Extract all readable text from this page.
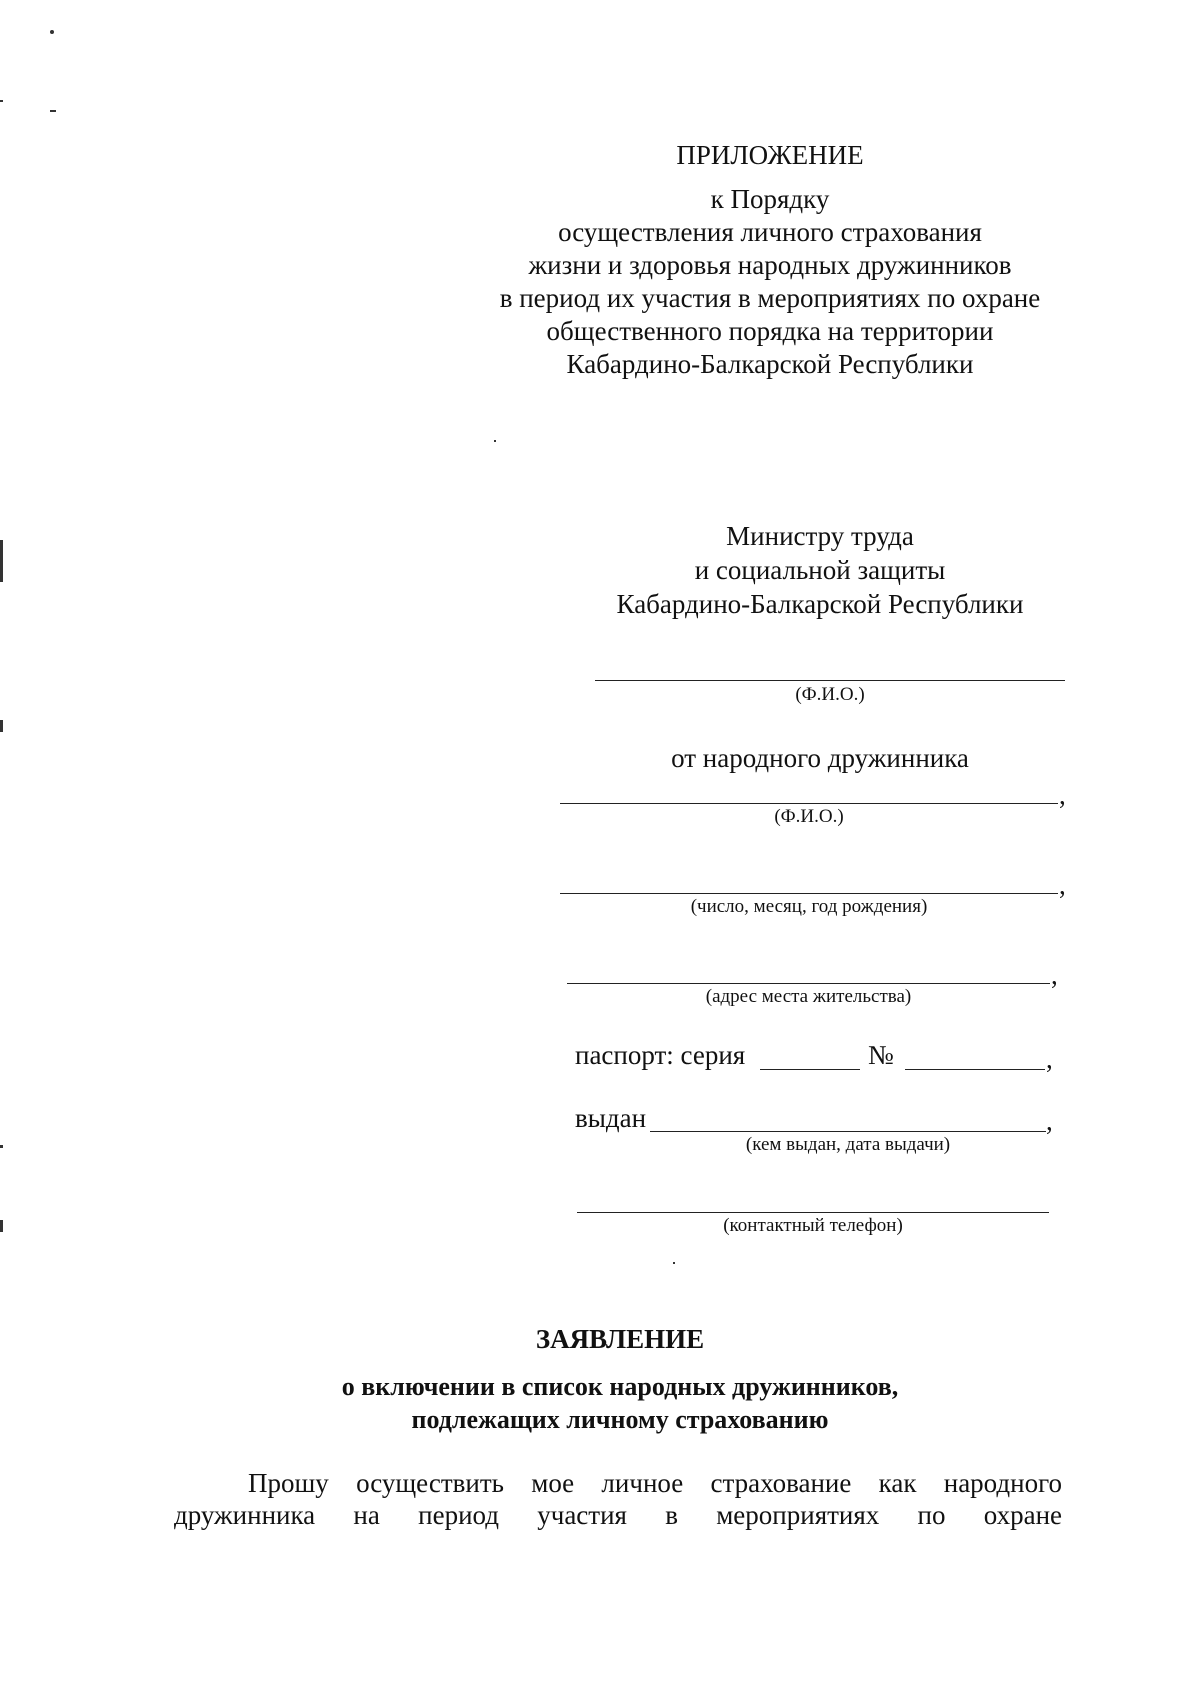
ПРИЛОЖЕНИЕ
к Порядку
осуществления личного страхования
жизни и здоровья народных дружинников
в период их участия в мероприятиях по охране
общественного порядка на территории
Кабардино-Балкарской Республики
Министру труда
и социальной защиты
Кабардино-Балкарской Республики
(Ф.И.О.)
от народного дружинника
,
(Ф.И.О.)
,
(число, месяц, год рождения)
,
(адрес места жительства)
паспорт: серия	№	,
выдан	,
(кем выдан, дата выдачи)
(контактный телефон)
ЗАЯВЛЕНИЕ
о включении в список народных дружинников,
подлежащих личному страхованию
Прошу осуществить мое личное страхование как народного
дружинника на период участия в мероприятиях по охране
